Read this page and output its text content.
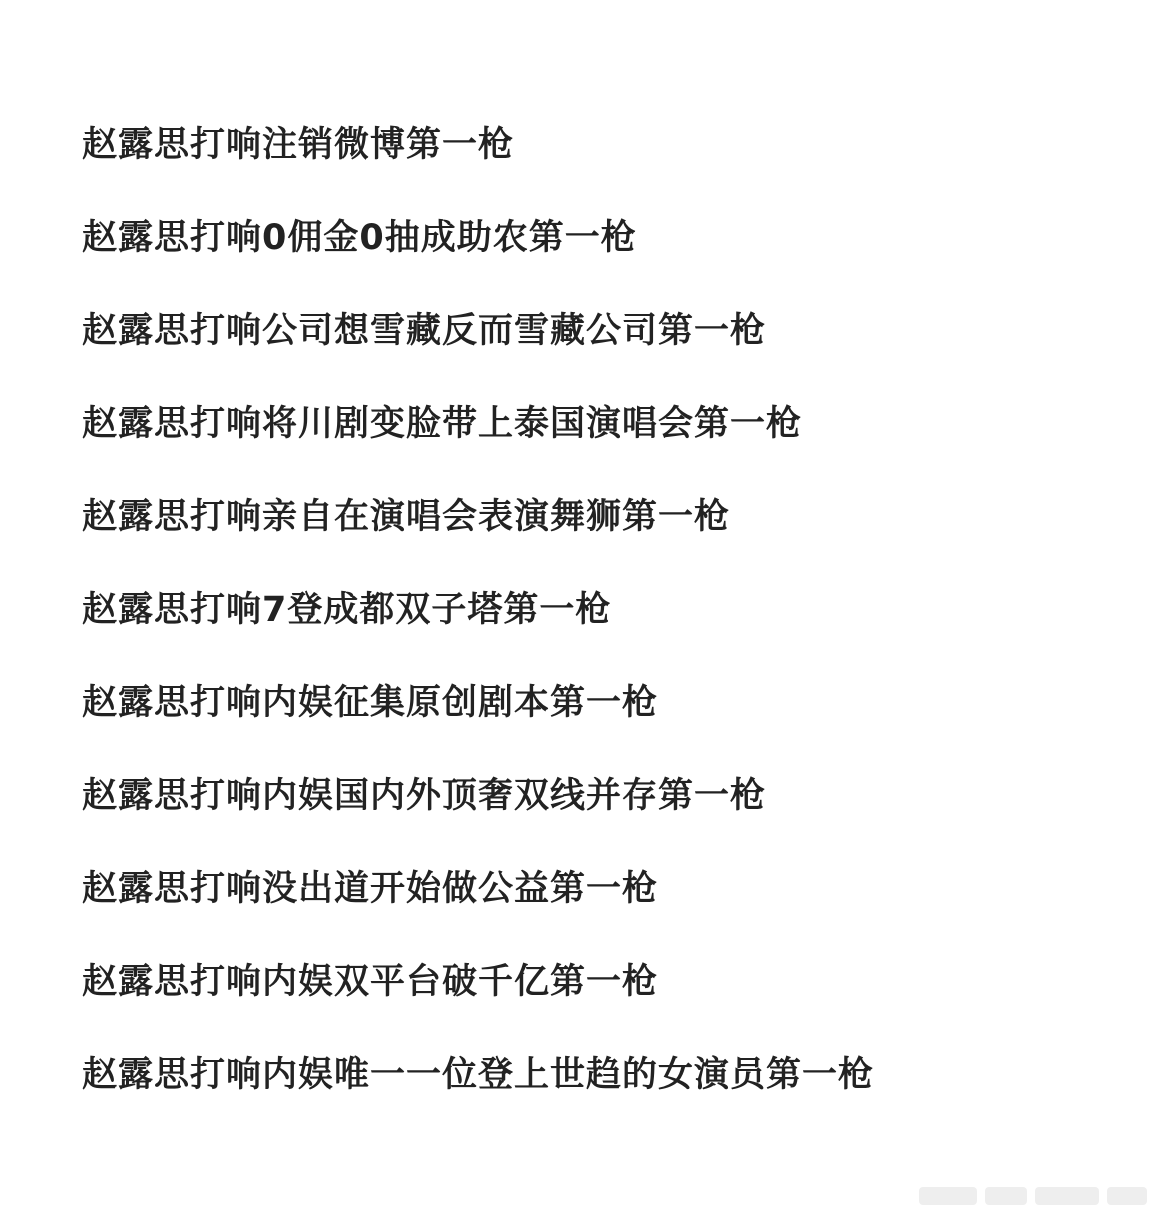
赵露思打响注销微博第一枪
赵露思打响0佣金0抽成助农第一枪
赵露思打响公司想雪藏反而雪藏公司第一枪
赵露思打响将川剧变脸带上泰国演唱会第一枪
赵露思打响亲自在演唱会表演舞狮第一枪
赵露思打响7登成都双子塔第一枪
赵露思打响内娱征集原创剧本第一枪
赵露思打响内娱国内外顶奢双线并存第一枪
赵露思打响没出道开始做公益第一枪
赵露思打响内娱双平台破千亿第一枪
赵露思打响内娱唯一一位登上世趋的女演员第一枪
